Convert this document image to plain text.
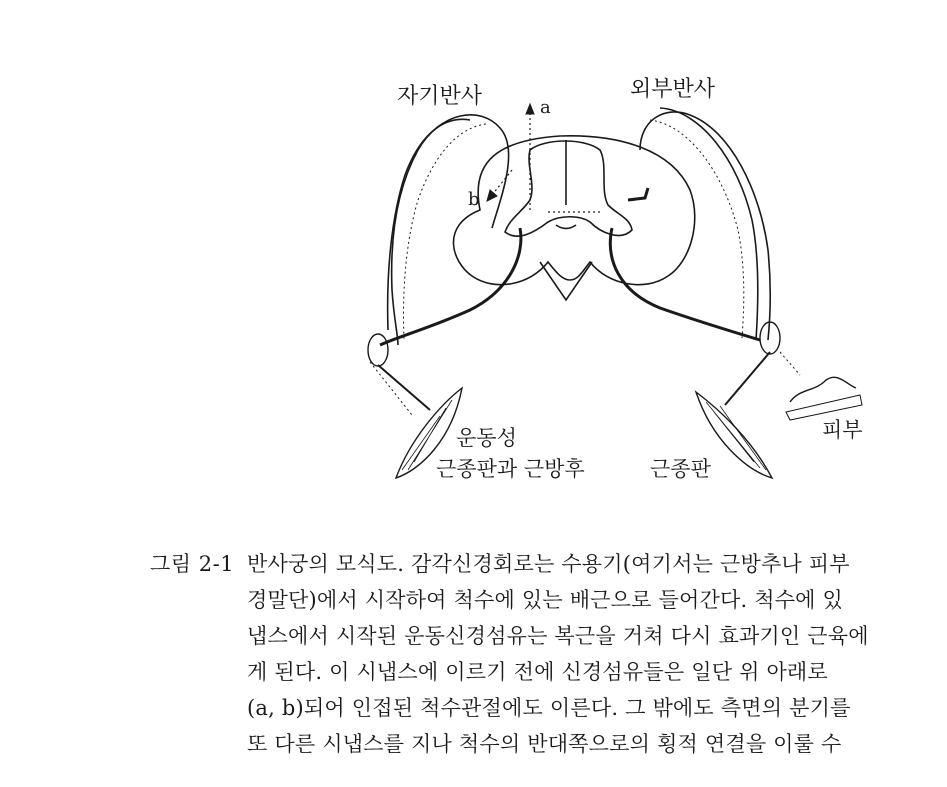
자기반사	외부반사
a
b
피부
운동성
근종판과 근방후	근종판
그림 2-1 반사궁의 모식도. 감각신경회로는 수용기(여기서는 근방추나 피부
경말단)에서 시작하여 척수에 있는 배근으로 들어간다. 척수에 있
냅스에서 시작된 운동신경섬유는 복근을 거쳐 다시 효과기인 근육에
게 된다. 이 시냅스에 이르기 전에 신경섬유들은 일단 위 아래로
(a, b)되어 인접된 척수관절에도 이른다. 그 밖에도 측면의 분기를
또 다른 시냅스를 지나 척수의 반대쪽으로의 횡적 연결을 이룰 수
